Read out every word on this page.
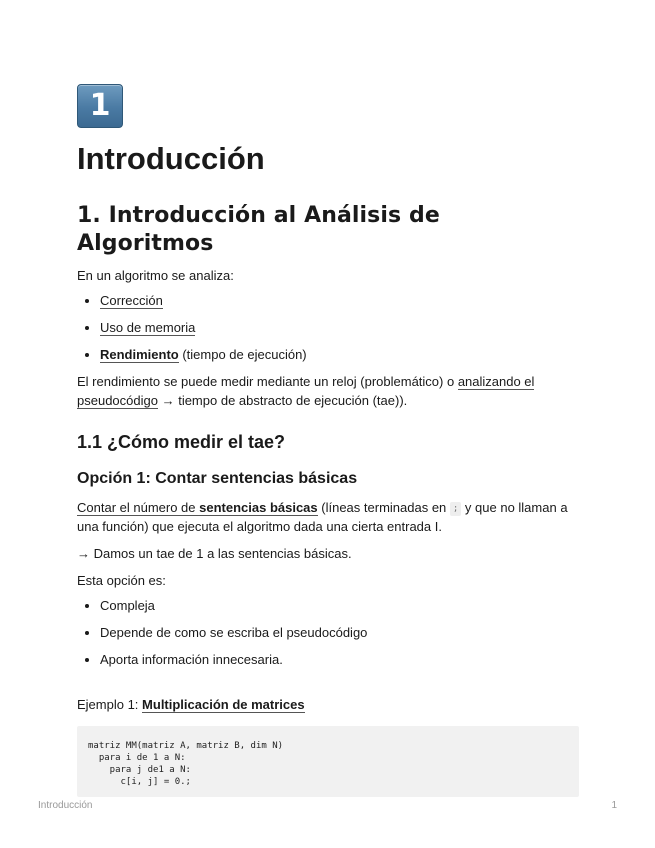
1
Introducción
1. Introducción al Análisis de Algoritmos

En un algoritmo se analiza:

• Corrección
• Uso de memoria
• Rendimiento (tiempo de ejecución)

El rendimiento se puede medir mediante un reloj (problemático) o analizando el pseudocódigo → tiempo de abstracto de ejecución (tae)).

1.1 ¿Cómo medir el tae?
Opción 1: Contar sentencias básicas

Contar el número de sentencias básicas (líneas terminadas en ; y que no llaman a una función) que ejecuta el algoritmo dada una cierta entrada I.

→ Damos un tae de 1 a las sentencias básicas.

Esta opción es:

• Compleja
• Depende de como se escriba el pseudocódigo
• Aporta información innecesaria.

Ejemplo 1: Multiplicación de matrices

matriz MM(matriz A, matriz B, dim N)
para i de 1 a N:
para j de1 a N:
c[i, j] = 0.;
Introducción	1
